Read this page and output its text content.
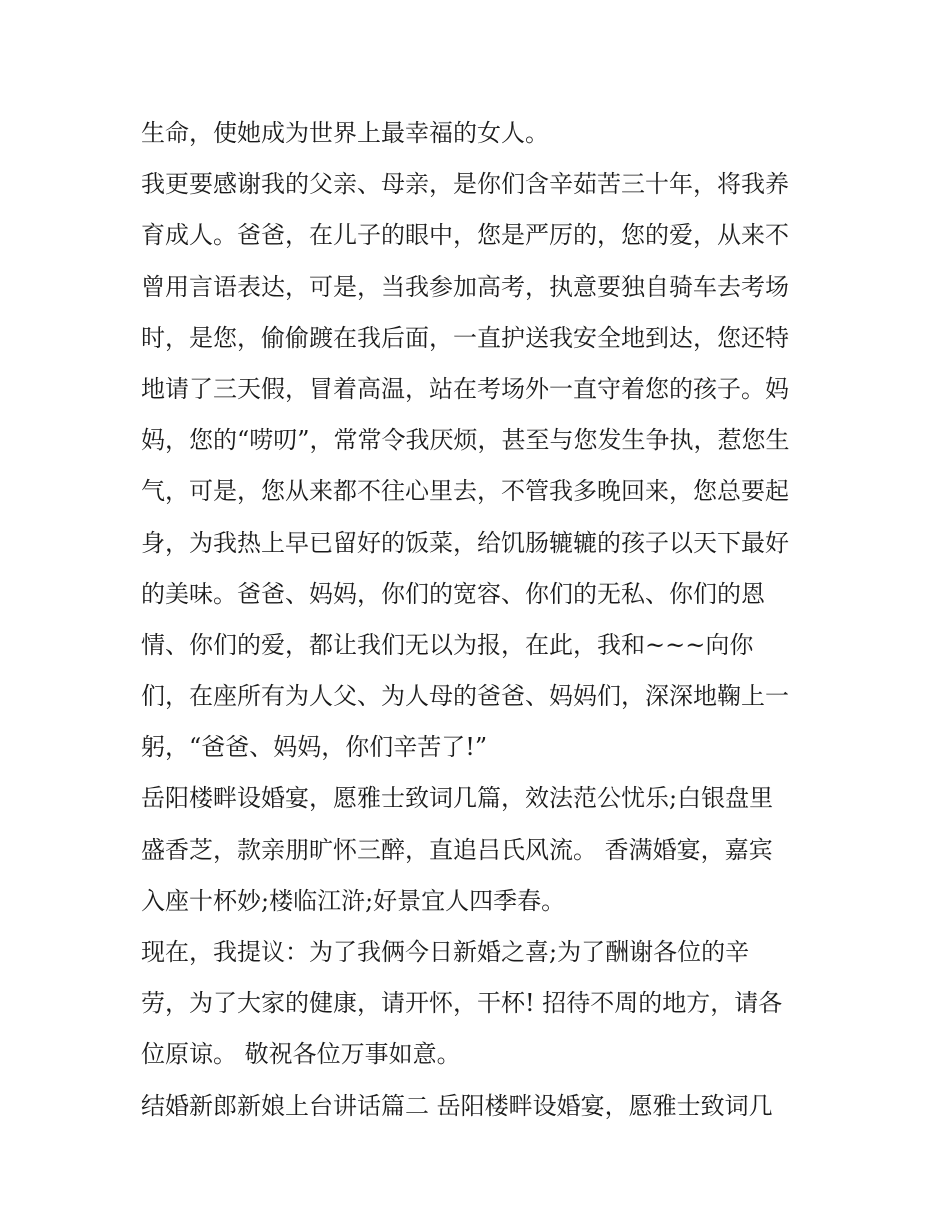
生命，使她成为世界上最幸福的女人。
我更要感谢我的父亲、母亲，是你们含辛茹苦三十年，将我养
育成人。爸爸，在儿子的眼中，您是严厉的，您的爱，从来不
曾用言语表达，可是，当我参加高考，执意要独自骑车去考场
时，是您，偷偷踱在我后面，一直护送我安全地到达，您还特
地请了三天假，冒着高温，站在考场外一直守着您的孩子。妈
妈，您的“唠叨”，常常令我厌烦，甚至与您发生争执，惹您生
气，可是，您从来都不往心里去，不管我多晚回来，您总要起
身，为我热上早已留好的饭菜，给饥肠辘辘的孩子以天下最好
的美味。爸爸、妈妈，你们的宽容、你们的无私、你们的恩
情、你们的爱，都让我们无以为报，在此，我和~~~向你
们，在座所有为人父、为人母的爸爸、妈妈们，深深地鞠上一
躬，“爸爸、妈妈，你们辛苦了!”
岳阳楼畔设婚宴，愿雅士致词几篇，效法范公忧乐;白银盘里
盛香芝，款亲朋旷怀三醉，直追吕氏风流。 香满婚宴，嘉宾
入座十杯妙;楼临江浒;好景宜人四季春。
现在，我提议：为了我俩今日新婚之喜;为了酬谢各位的辛
劳，为了大家的健康，请开怀，干杯! 招待不周的地方，请各
位原谅。 敬祝各位万事如意。
结婚新郎新娘上台讲话篇二 岳阳楼畔设婚宴，愿雅士致词几
